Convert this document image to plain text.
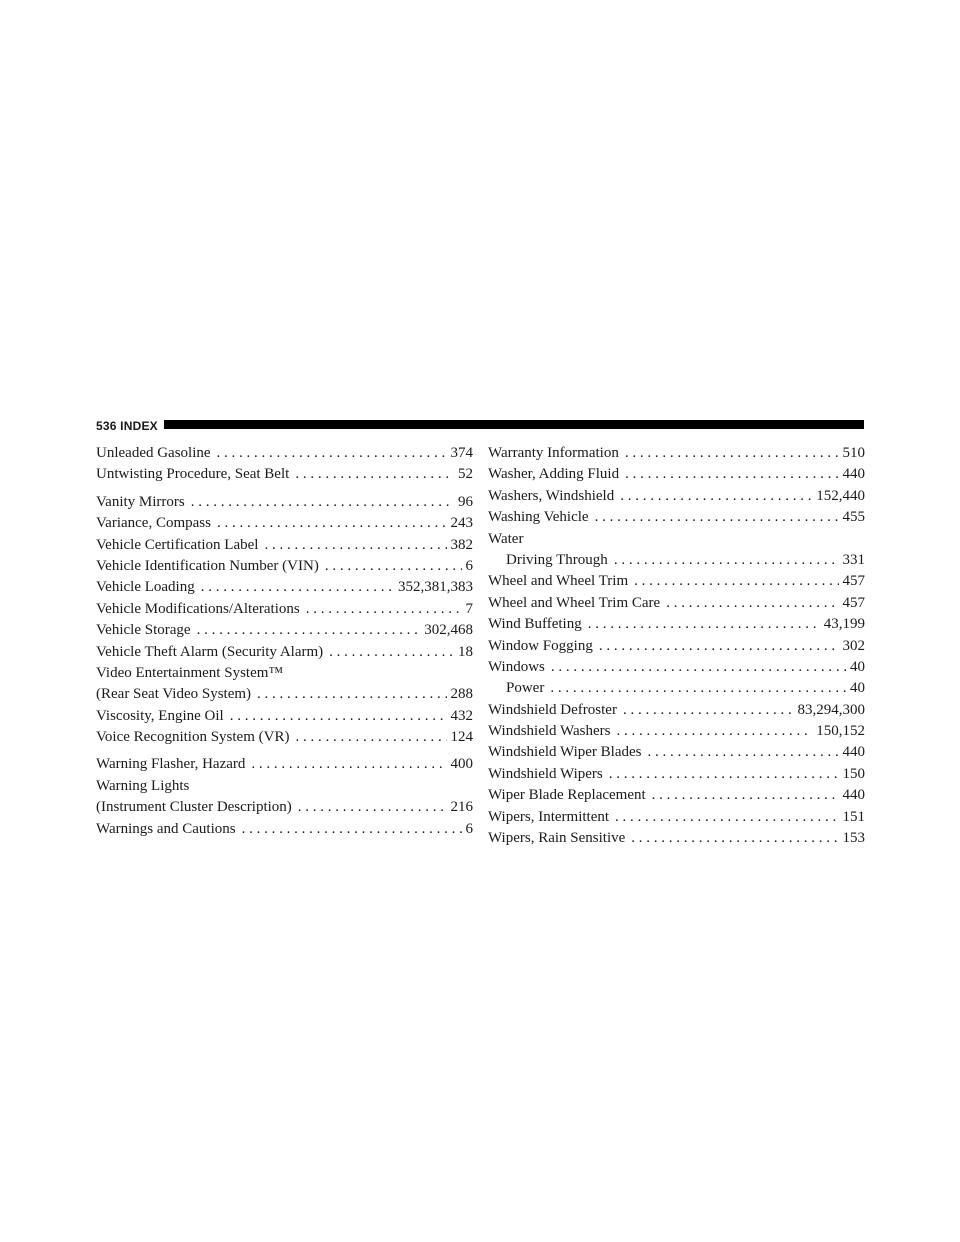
536 INDEX
Unleaded Gasoline . . .	374
Untwisting Procedure, Seat Belt . . .	52
Vanity Mirrors . . .	96
Variance, Compass . . .	243
Vehicle Certification Label . . .	382
Vehicle Identification Number (VIN) . . .	6
Vehicle Loading . . .	352,381,383
Vehicle Modifications/Alterations . . .	7
Vehicle Storage . . .	302,468
Vehicle Theft Alarm (Security Alarm) . . .	18
Video Entertainment System™
(Rear Seat Video System) . . .	288
Viscosity, Engine Oil . . .	432
Voice Recognition System (VR) . . .	124
Warning Flasher, Hazard . . .	400
Warning Lights
(Instrument Cluster Description) . . .	216
Warnings and Cautions . . .	6
Warranty Information . . .	510
Washer, Adding Fluid . . .	440
Washers, Windshield . . .	152,440
Washing Vehicle . . .	455
Water
Driving Through . . .	331
Wheel and Wheel Trim . . .	457
Wheel and Wheel Trim Care . . .	457
Wind Buffeting . . .	43,199
Window Fogging . . .	302
Windows . . .	40
Power . . .	40
Windshield Defroster . . .	83,294,300
Windshield Washers . . .	150,152
Windshield Wiper Blades . . .	440
Windshield Wipers . . .	150
Wiper Blade Replacement . . .	440
Wipers, Intermittent . . .	151
Wipers, Rain Sensitive . . .	153
